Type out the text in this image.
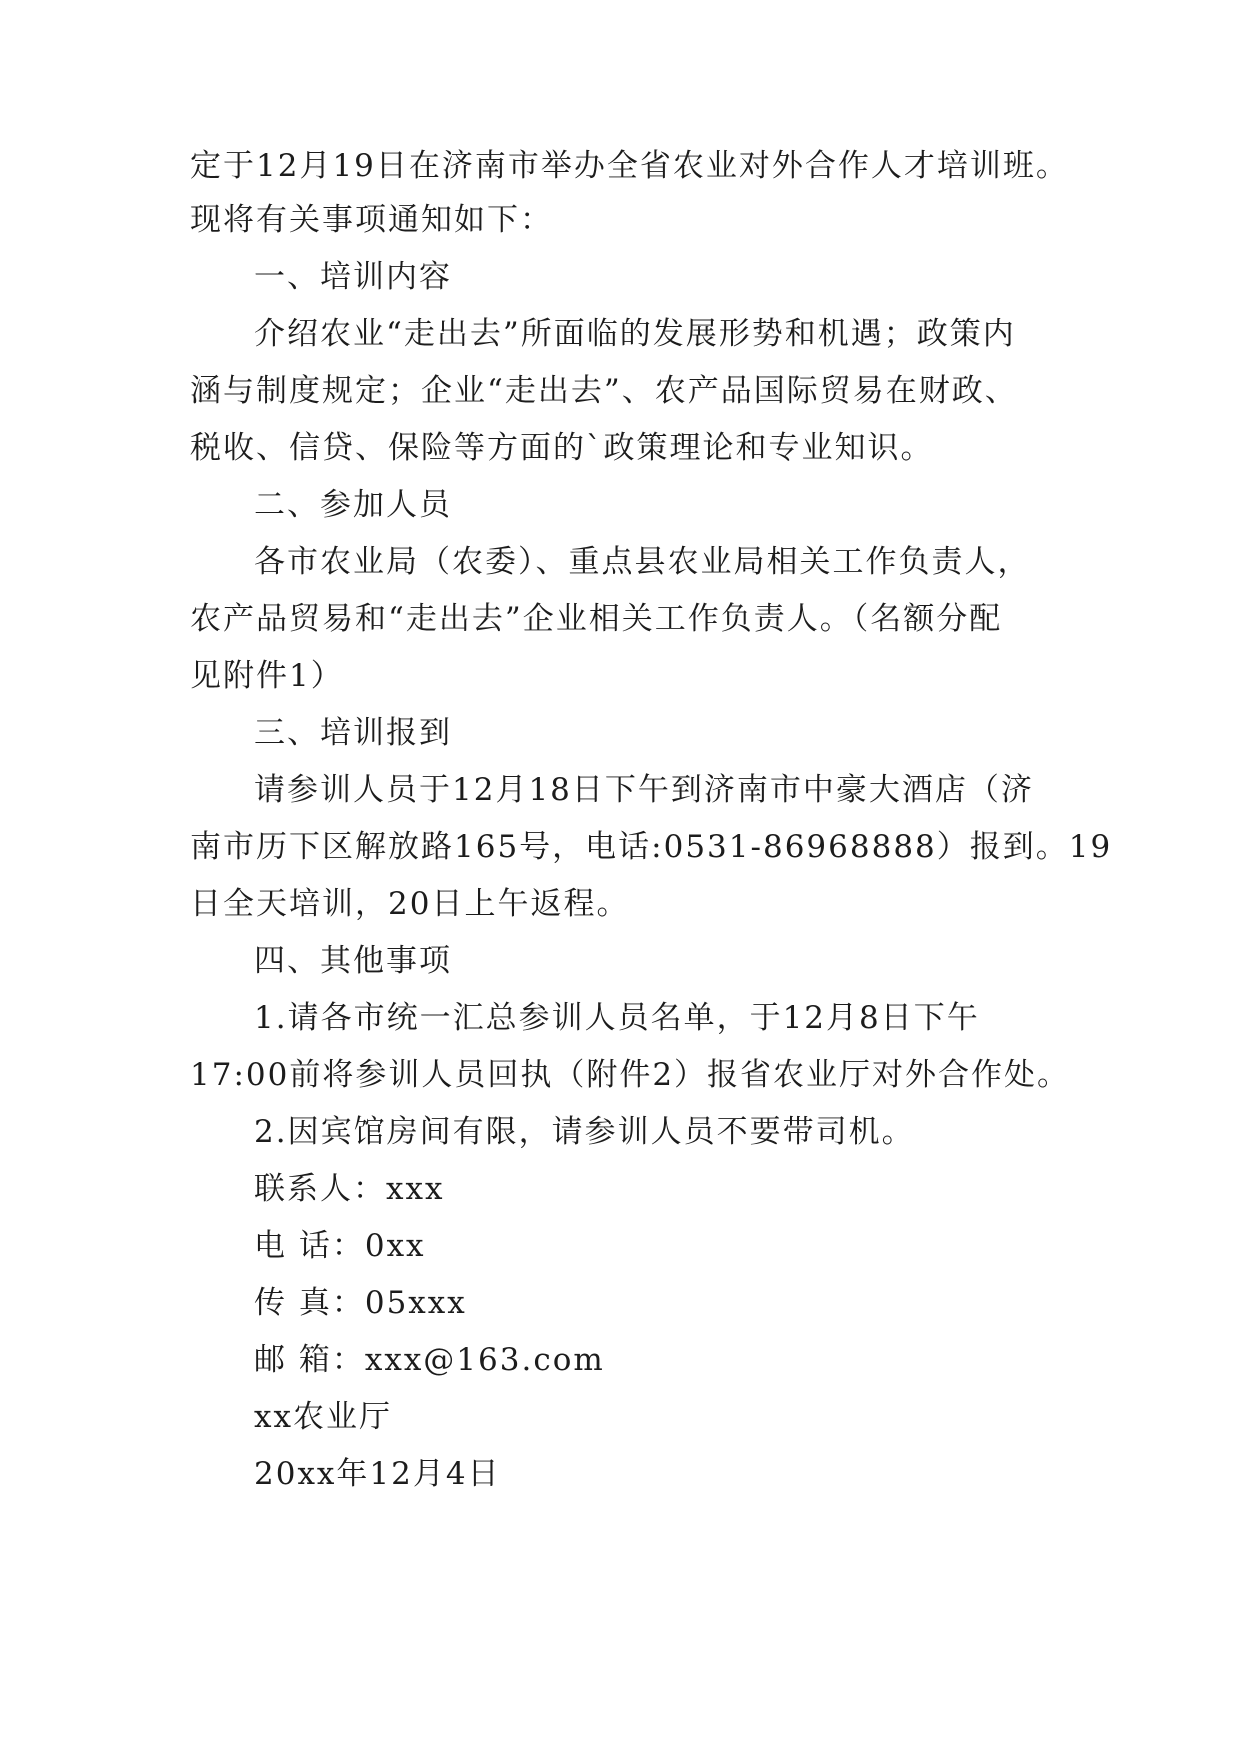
定于12月19日在济南市举办全省农业对外合作人才培训班。
现将有关事项通知如下：
一、培训内容
介绍农业“走出去”所面临的发展形势和机遇；政策内
涵与制度规定；企业“走出去”、农产品国际贸易在财政、
税收、信贷、保险等方面的`政策理论和专业知识。
二、参加人员
各市农业局（农委）、重点县农业局相关工作负责人，
农产品贸易和“走出去”企业相关工作负责人。（名额分配
见附件1）
三、培训报到
请参训人员于12月18日下午到济南市中豪大酒店（济
南市历下区解放路165号，电话:0531-86968888）报到。19
日全天培训，20日上午返程。
四、其他事项
1.请各市统一汇总参训人员名单，于12月8日下午
17:00前将参训人员回执（附件2）报省农业厅对外合作处。
2.因宾馆房间有限，请参训人员不要带司机。
联系人：xxx
电 话：0xx
传 真：05xxx
邮 箱：xxx@163.com
xx农业厅
20xx年12月4日
